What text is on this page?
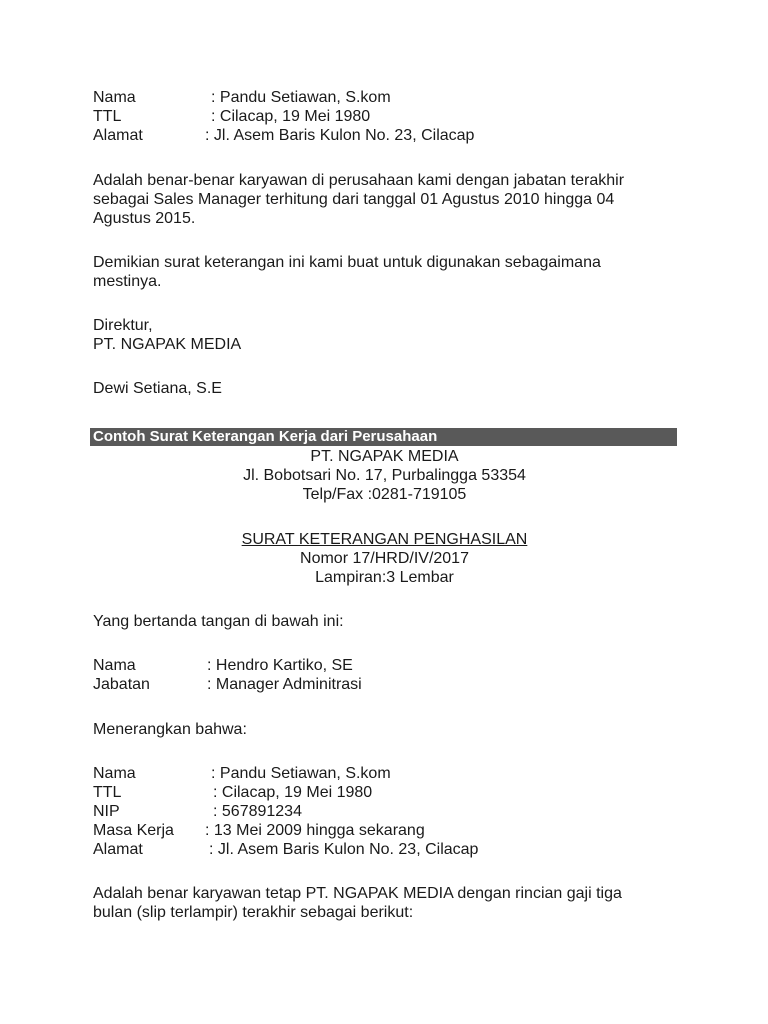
Nama	: Pandu Setiawan, S.kom
TTL	: Cilacap, 19 Mei 1980
Alamat	: Jl. Asem Baris Kulon No. 23, Cilacap
Adalah benar-benar karyawan di perusahaan kami dengan jabatan terakhir
sebagai Sales Manager terhitung dari tanggal 01 Agustus 2010 hingga 04
Agustus 2015.
Demikian surat keterangan ini kami buat untuk digunakan sebagaimana
mestinya.
Direktur,
PT. NGAPAK MEDIA
Dewi Setiana, S.E
Contoh Surat Keterangan Kerja dari Perusahaan
PT. NGAPAK MEDIA
Jl. Bobotsari No. 17, Purbalingga 53354
Telp/Fax :0281-719105
SURAT KETERANGAN PENGHASILAN
Nomor 17/HRD/IV/2017
Lampiran:3 Lembar
Yang bertanda tangan di bawah ini:
Nama	: Hendro Kartiko, SE
Jabatan	: Manager Adminitrasi
Menerangkan bahwa:
Nama	: Pandu Setiawan, S.kom
TTL	: Cilacap, 19 Mei 1980
NIP	: 567891234
Masa Kerja : 13 Mei 2009 hingga sekarang
Alamat	: Jl. Asem Baris Kulon No. 23, Cilacap
Adalah benar karyawan tetap PT. NGAPAK MEDIA dengan rincian gaji tiga
bulan (slip terlampir) terakhir sebagai berikut:
